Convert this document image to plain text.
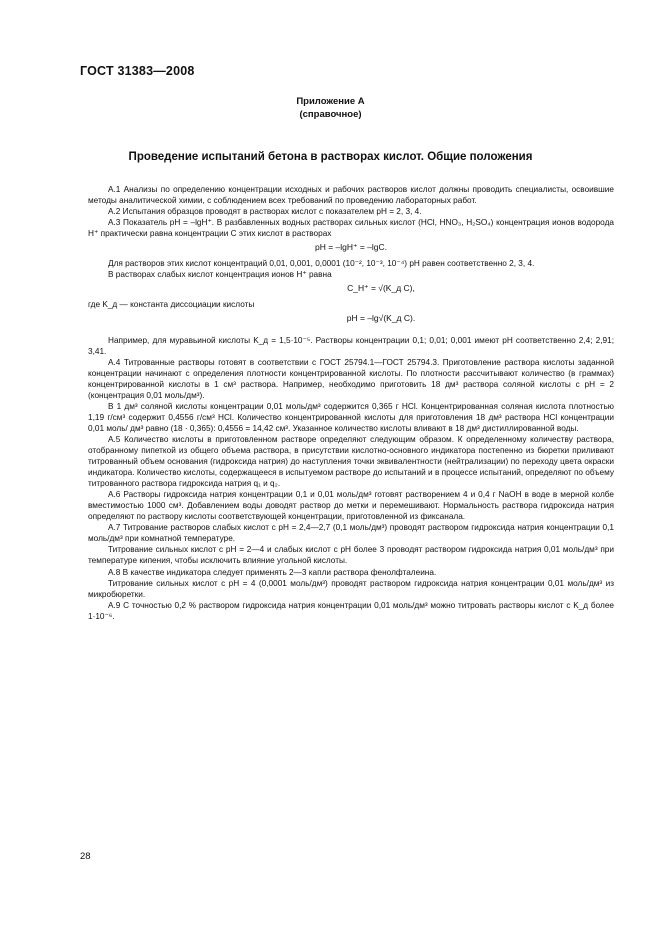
ГОСТ 31383—2008
Приложение А
(справочное)
Проведение испытаний бетона в растворах кислот. Общие положения

А.1 Анализы по определению концентрации исходных и рабочих растворов кислот должны проводить специалисты, освоившие методы аналитической химии, с соблюдением всех требований по проведению лабораторных работ.

А.2 Испытания образцов проводят в растворах кислот с показателем рН = 2, 3, 4.

А.3 Показатель рН = –lgH⁺. В разбавленных водных растворах сильных кислот (HCl, HNO₃, H₂SO₄) концентрация ионов водорода Н⁺ практически равна концентрации С этих кислот в растворах

рН = –lgH⁺ = –lgC.

Для растворов этих кислот концентраций 0,01, 0,001, 0,0001 (10⁻², 10⁻³, 10⁻⁴) рН равен соответственно 2, 3, 4.

В растворах слабых кислот концентрация ионов Н⁺ равна

C_H⁺ = √(K_д C),

где K_д — константа диссоциации кислоты

рН = –lg√(K_д C).

Например, для муравьиной кислоты K_д = 1,5·10⁻⁵. Растворы концентрации 0,1; 0,01; 0,001 имеют рН соответственно 2,4; 2,91; 3,41.

А.4 Титрованные растворы готовят в соответствии с ГОСТ 25794.1—ГОСТ 25794.3. Приготовление раствора кислоты заданной концентрации начинают с определения плотности концентрированной кислоты. По плотности рассчитывают количество (в граммах) концентрированной кислоты в 1 см³ раствора. Например, необходимо приготовить 18 дм³ раствора соляной кислоты с рН = 2 (концентрация 0,01 моль/дм³).

В 1 дм³ соляной кислоты концентрации 0,01 моль/дм³ содержится 0,365 г HCl. Концентрированная соляная кислота плотностью 1,19 г/см³ содержит 0,4556 г/см³ HCl. Количество концентрированной кислоты для приготовления 18 дм³ раствора HCl концентрации 0,01 моль/ дм³ равно (18 · 0,365): 0,4556 = 14,42 см³. Указанное количество кислоты вливают в 18 дм³ дистиллированной воды.

А.5 Количество кислоты в приготовленном растворе определяют следующим образом. К определенному количеству раствора, отобранному пипеткой из общего объема раствора, в присутствии кислотно-основного индикатора постепенно из бюретки приливают титрованный объем основания (гидроксида натрия) до наступления точки эквивалентности (нейтрализации) по переходу цвета окраски индикатора. Количество кислоты, содержащееся в испытуемом растворе до испытаний и в процессе испытаний, определяют по объему титрованного раствора гидроксида натрия q₁ и q₂.

А.6 Растворы гидроксида натрия концентрации 0,1 и 0,01 моль/дм³ готовят растворением 4 и 0,4 г NaOH в воде в мерной колбе вместимостью 1000 см³. Добавлением воды доводят раствор до метки и перемешивают. Нормальность раствора гидроксида натрия определяют по раствору кислоты соответствующей концентрации, приготовленной из фиксанала.

А.7 Титрование растворов слабых кислот с рН = 2,4—2,7 (0,1 моль/дм³) проводят раствором гидроксида натрия концентрации 0,1 моль/дм³ при комнатной температуре.

Титрование сильных кислот с рН = 2—4 и слабых кислот с рН более 3 проводят раствором гидроксида натрия 0,01 моль/дм³ при температуре кипения, чтобы исключить влияние угольной кислоты.

А.8 В качестве индикатора следует применять 2—3 капли раствора фенолфталеина.

Титрование сильных кислот с рН = 4 (0,0001 моль/дм³) проводят раствором гидроксида натрия концентрации 0,01 моль/дм³ из микробюретки.

А.9 С точностью 0,2 % раствором гидроксида натрия концентрации 0,01 моль/дм³ можно титровать растворы кислот с K_д более 1·10⁻⁶.

28
